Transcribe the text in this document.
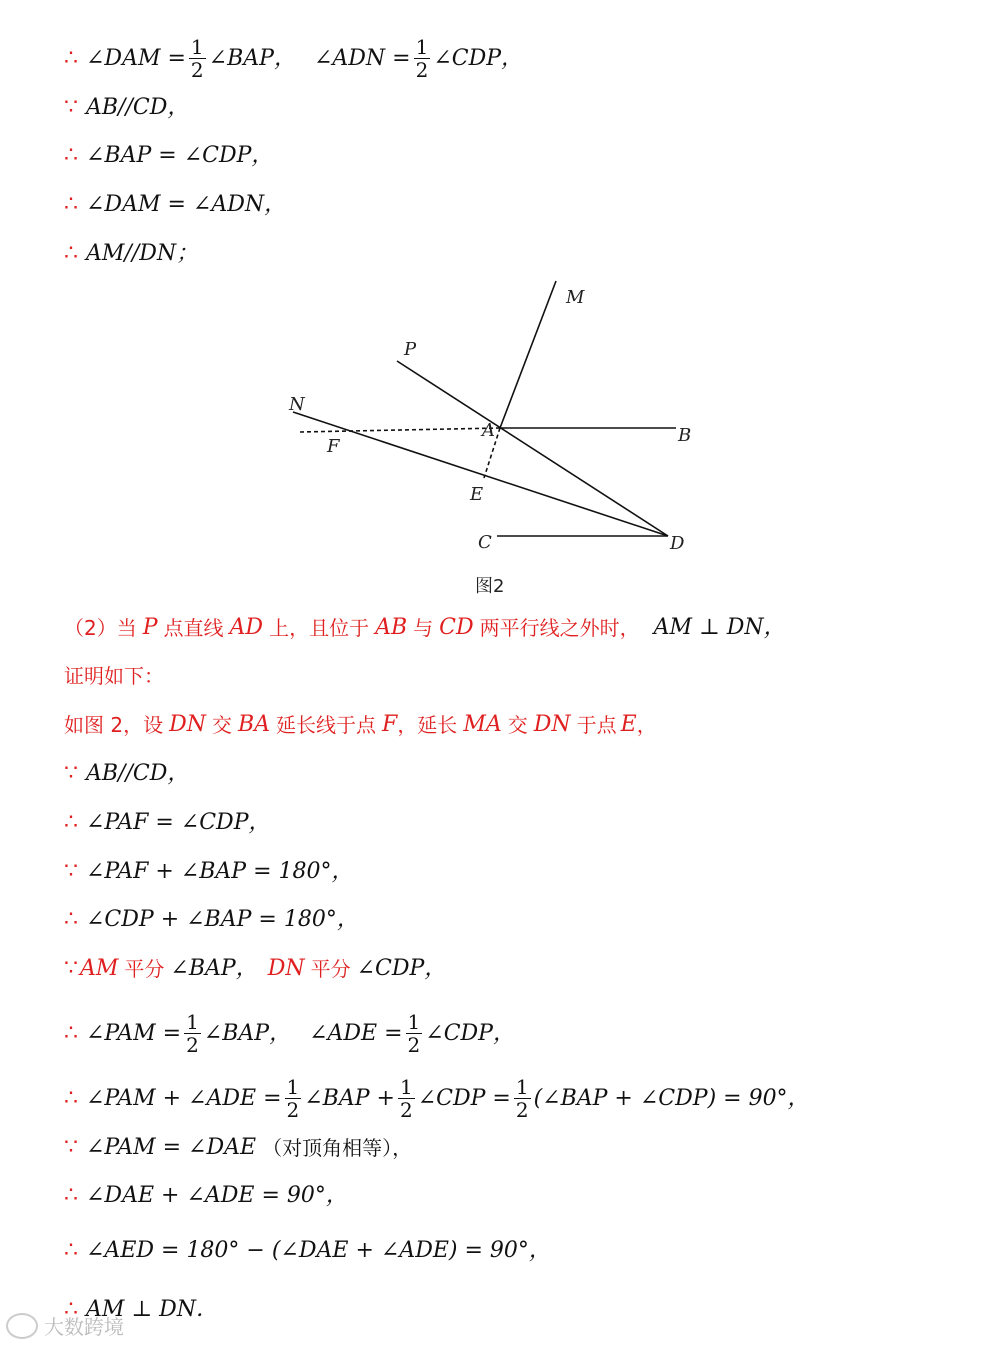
∴ ∠DAM = $\frac{1}{2}$ ∠BAP， ∠ADN = $\frac{1}{2}$ ∠CDP，
∵ AB//CD，
∴ ∠BAP = ∠CDP，
∴ ∠DAM = ∠ADN，
∴ AM//DN；
M
P
N
F
A	B
E
C	D
图2
（2）当 P 点直线 AD 上，且位于 AB 与 CD 两平行线之外时， AM ⊥ DN，
证明如下：
如图 2，设 DN 交 BA 延长线于点 F ，延长 MA 交 DN 于点 E ，
∵ AB//CD，
∴ ∠PAF = ∠CDP，
∵ ∠PAF + ∠BAP = 180°，
∴ ∠CDP + ∠BAP = 180°，
∵ AM 平分 ∠BAP， DN 平分 ∠CDP，
∴ ∠PAM = $\frac{1}{2}$ ∠BAP， ∠ADE = $\frac{1}{2}$ ∠CDP，
∴ ∠PAM + ∠ADE = $\frac{1}{2}$ ∠BAP + $\frac{1}{2}$ ∠CDP = $\frac{1}{2}$ (∠BAP + ∠CDP) = 90°，
∵ ∠PAM = ∠DAE （对顶角相等），
∴ ∠DAE + ∠ADE = 90°，
∴ ∠AED = 180° − (∠DAE + ∠ADE) = 90°，
∴ AM ⊥ DN．
大数跨境
